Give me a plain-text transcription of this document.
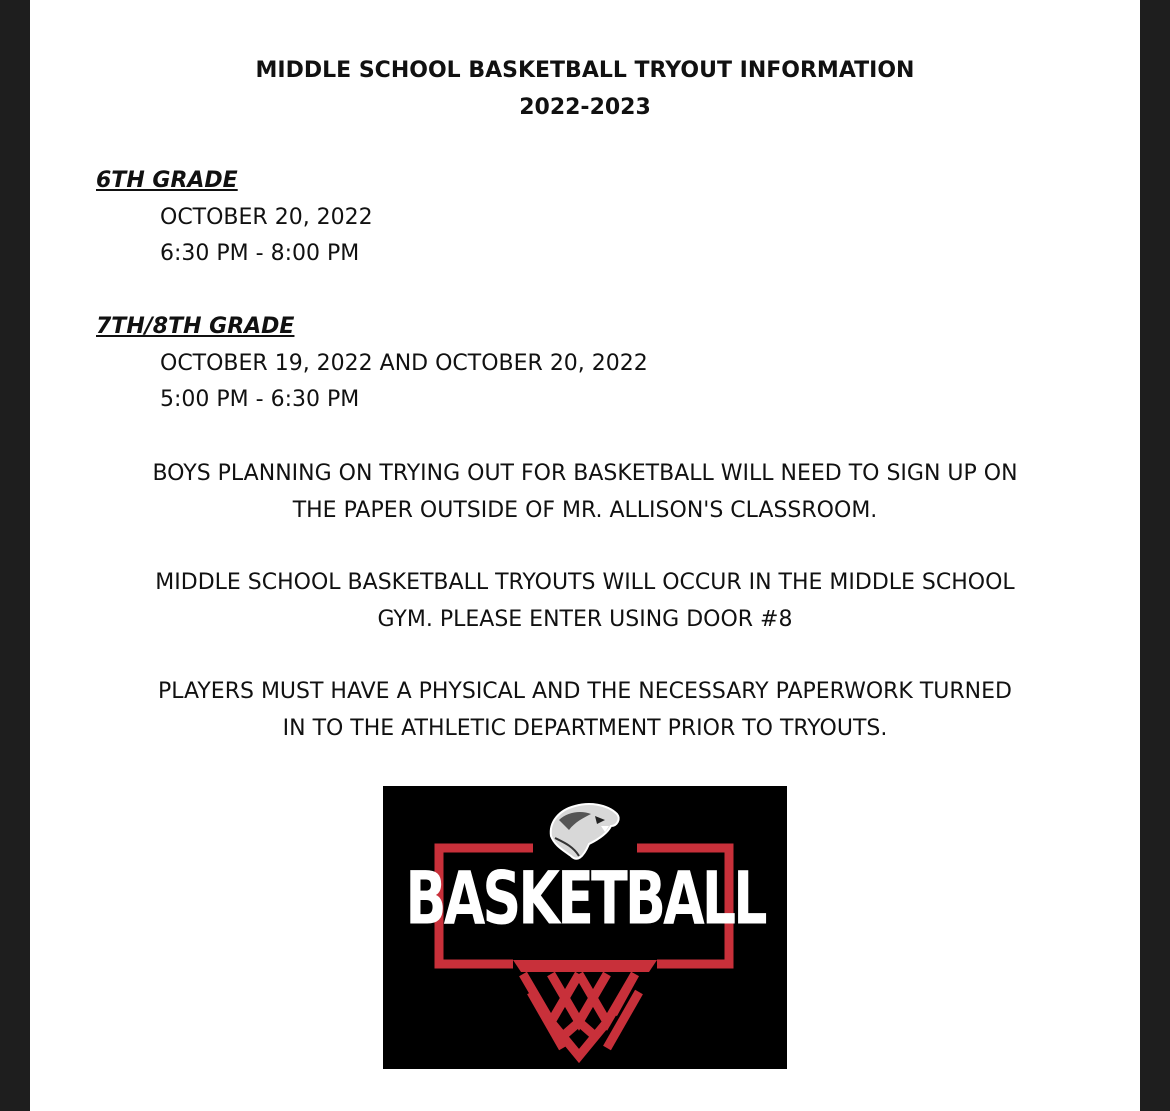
MIDDLE SCHOOL BASKETBALL TRYOUT INFORMATION
2022-2023
6TH GRADE
OCTOBER 20, 2022
6:30 PM - 8:00 PM
7TH/8TH GRADE
OCTOBER 19, 2022 AND OCTOBER 20, 2022
5:00 PM - 6:30 PM
BOYS PLANNING ON TRYING OUT FOR BASKETBALL WILL NEED TO SIGN UP ON
THE PAPER OUTSIDE OF MR. ALLISON'S CLASSROOM.
MIDDLE SCHOOL BASKETBALL TRYOUTS WILL OCCUR IN THE MIDDLE SCHOOL
GYM. PLEASE ENTER USING DOOR #8
PLAYERS MUST HAVE A PHYSICAL AND THE NECESSARY PAPERWORK TURNED
IN TO THE ATHLETIC DEPARTMENT PRIOR TO TRYOUTS.
BASKETBALL
